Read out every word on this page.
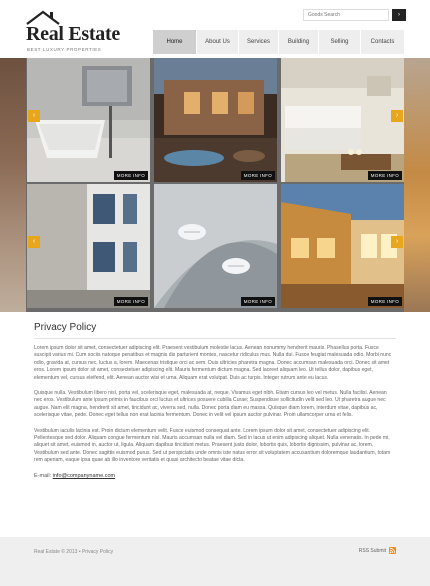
Real Estate
BEST LUXURY PROPERTIES
Goods Search
›
Home	About Us	Services	Building	Selling	Contacts
MORE INFO	MORE INFO	MORE INFO
MORE INFO	MORE INFO	MORE INFO
‹	›
‹	›
Privacy Policy

Lorem ipsum dolor sit amet, consectetuer adipiscing elit. Praesent vestibulum molestie lacus. Aenean nonummy hendrerit mauris. Phasellus porta. Fusce suscipit varius mi. Cum sociis natoque penatibus et magnis dis parturient montes, nascetur ridiculus mus. Nulla dui. Fusce feugiat malesuada odio. Morbi nunc odio, gravida at, cursus nec, luctus a, lorem. Maecenas tristique orci ac sem. Duis ultricies pharetra magna. Donec accumsan malesuada orci. Donec sit amet eros. Lorem ipsum dolor sit amet, consectetuer adipiscing elit. Mauris fermentum dictum magna. Sed laoreet aliquam leo. Ut tellus dolor, dapibus eget, elementum vel, cursus eleifend, elit. Aenean auctor wisi et urna. Aliquam erat volutpat. Duis ac turpis. Integer rutrum ante eu lacus.

Quisque nulla. Vestibulum libero nisl, porta vel, scelerisque eget, malesuada at, neque. Vivamus eget nibh. Etiam cursus leo vel metus. Nulla facilisi. Aenean nec eros. Vestibulum ante ipsum primis in faucibus orci luctus et ultrices posuere cubilia Curae; Suspendisse sollicitudin velit sed leo. Ut pharetra augue nec augue. Nam elit magna, hendrerit sit amet, tincidunt ac, viverra sed, nulla. Donec porta diam eu massa. Quisque diam lorem, interdum vitae, dapibus ac, scelerisque vitae, pede. Donec eget tellus non erat lacinia fermentum. Donec in velit vel ipsum auctor pulvinar. Proin ullamcorper urna et felis.

Vestibulum iaculis lacinia est. Proin dictum elementum velit. Fusce euismod consequat ante. Lorem ipsum dolor sit amet, consectetuer adipiscing elit. Pellentesque sed dolor. Aliquam congue fermentum nisl. Mauris accumsan nulla vel diam. Sed in lacus ut enim adipiscing aliquet. Nulla venenatis. In pede mi, aliquet sit amet, euismod in, auctor ut, ligula. Aliquam dapibus tincidunt metus. Praesent justo dolor, lobortis quis, lobortis dignissim, pulvinar ac, lorem. Vestibulum sed ante. Donec sagittis euismod purus. Sed ut perspiciatis unde omnis iste natus error sit voluptatem accusantium doloremque laudantium, totam rem aperiam, eaque ipsa quae ab illo inventore veritatis et quasi architecto beatae vitae dicta.

E-mail: info@companyname.com
Real Estate © 2013 • Privacy Policy	RSS Submit
